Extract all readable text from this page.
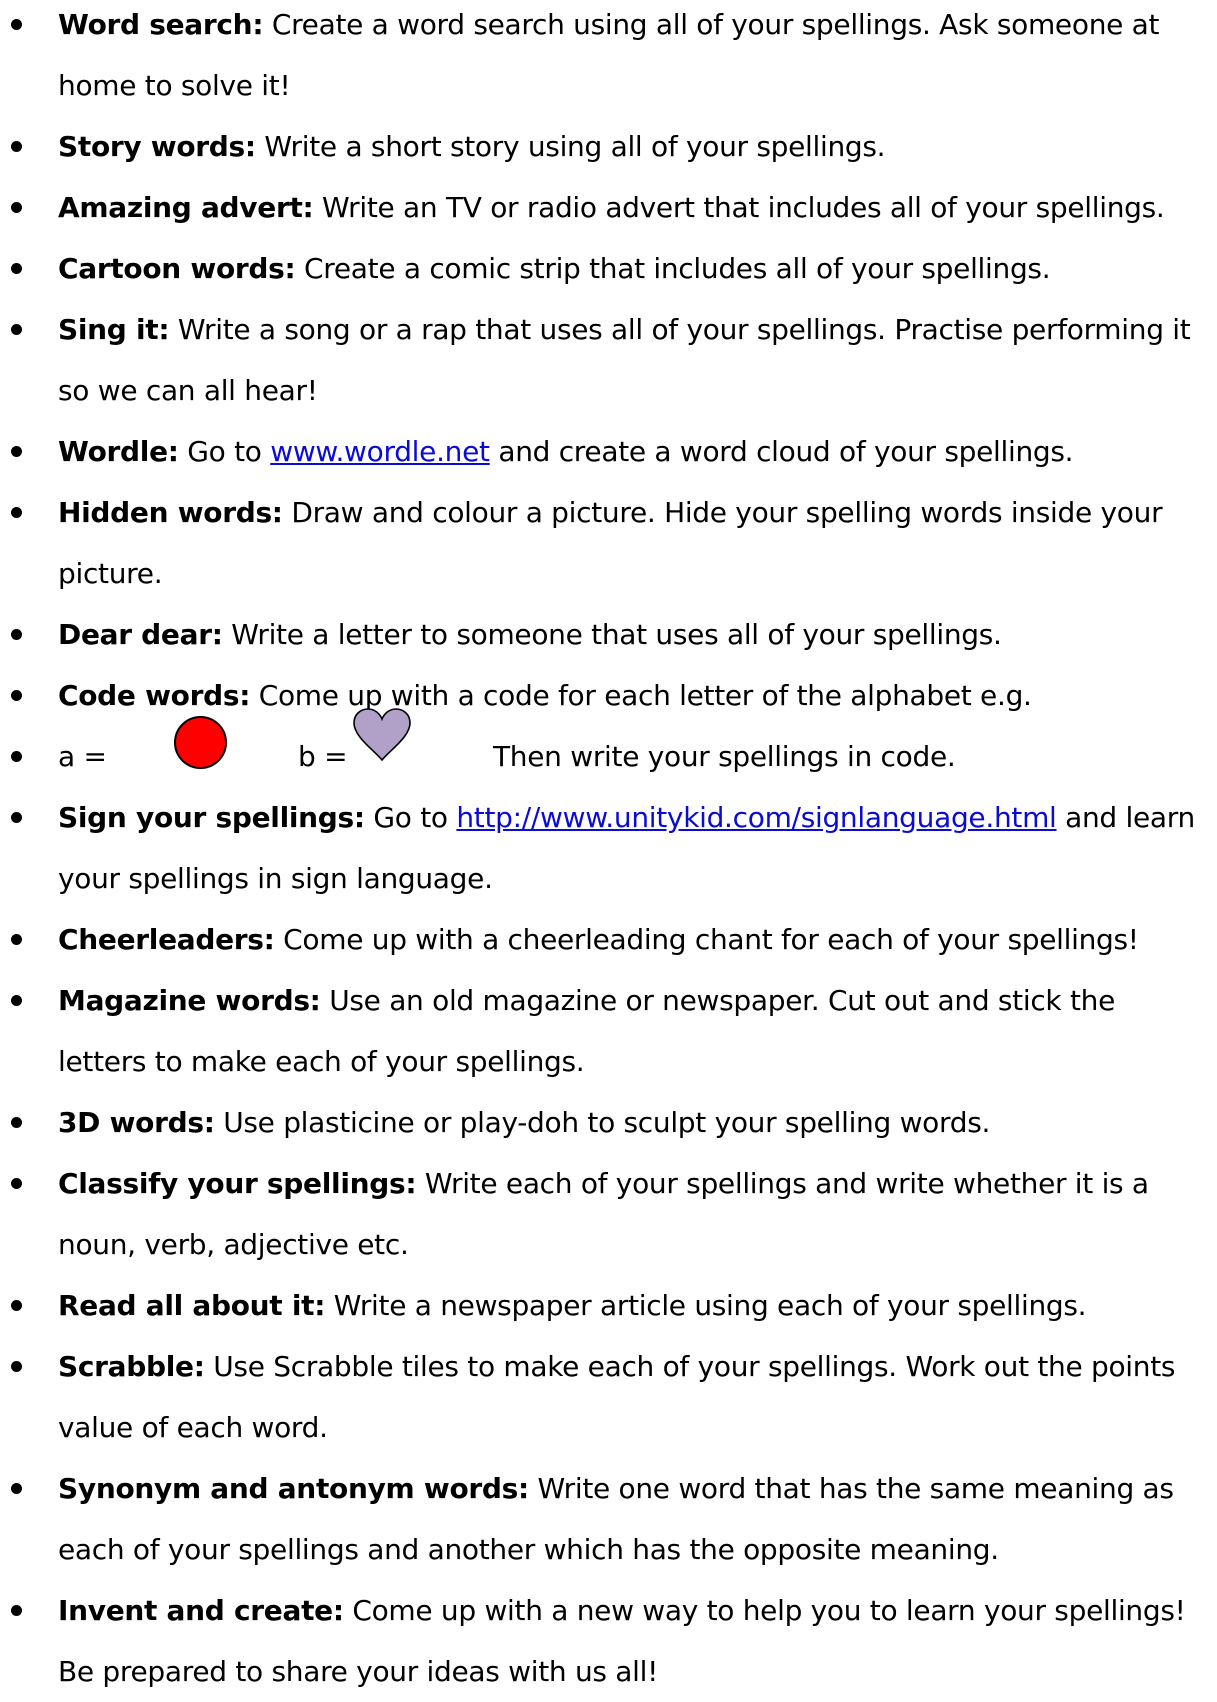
Word search: Create a word search using all of your spellings. Ask someone at home to solve it!
Story words: Write a short story using all of your spellings.
Amazing advert: Write an TV or radio advert that includes all of your spellings.
Cartoon words: Create a comic strip that includes all of your spellings.
Sing it: Write a song or a rap that uses all of your spellings. Practise performing it so we can all hear!
Wordle: Go to www.wordle.net and create a word cloud of your spellings.
Hidden words: Draw and colour a picture. Hide your spelling words inside your picture.
Dear dear: Write a letter to someone that uses all of your spellings.
Code words: Come up with a code for each letter of the alphabet e.g.
a =	b =	Then write your spellings in code.
Sign your spellings: Go to http://www.unitykid.com/signlanguage.html and learn your spellings in sign language.
Cheerleaders: Come up with a cheerleading chant for each of your spellings!
Magazine words: Use an old magazine or newspaper. Cut out and stick the letters to make each of your spellings.
3D words: Use plasticine or play-doh to sculpt your spelling words.
Classify your spellings: Write each of your spellings and write whether it is a noun, verb, adjective etc.
Read all about it: Write a newspaper article using each of your spellings.
Scrabble: Use Scrabble tiles to make each of your spellings. Work out the points value of each word.
Synonym and antonym words: Write one word that has the same meaning as each of your spellings and another which has the opposite meaning.
Invent and create: Come up with a new way to help you to learn your spellings! Be prepared to share your ideas with us all!
